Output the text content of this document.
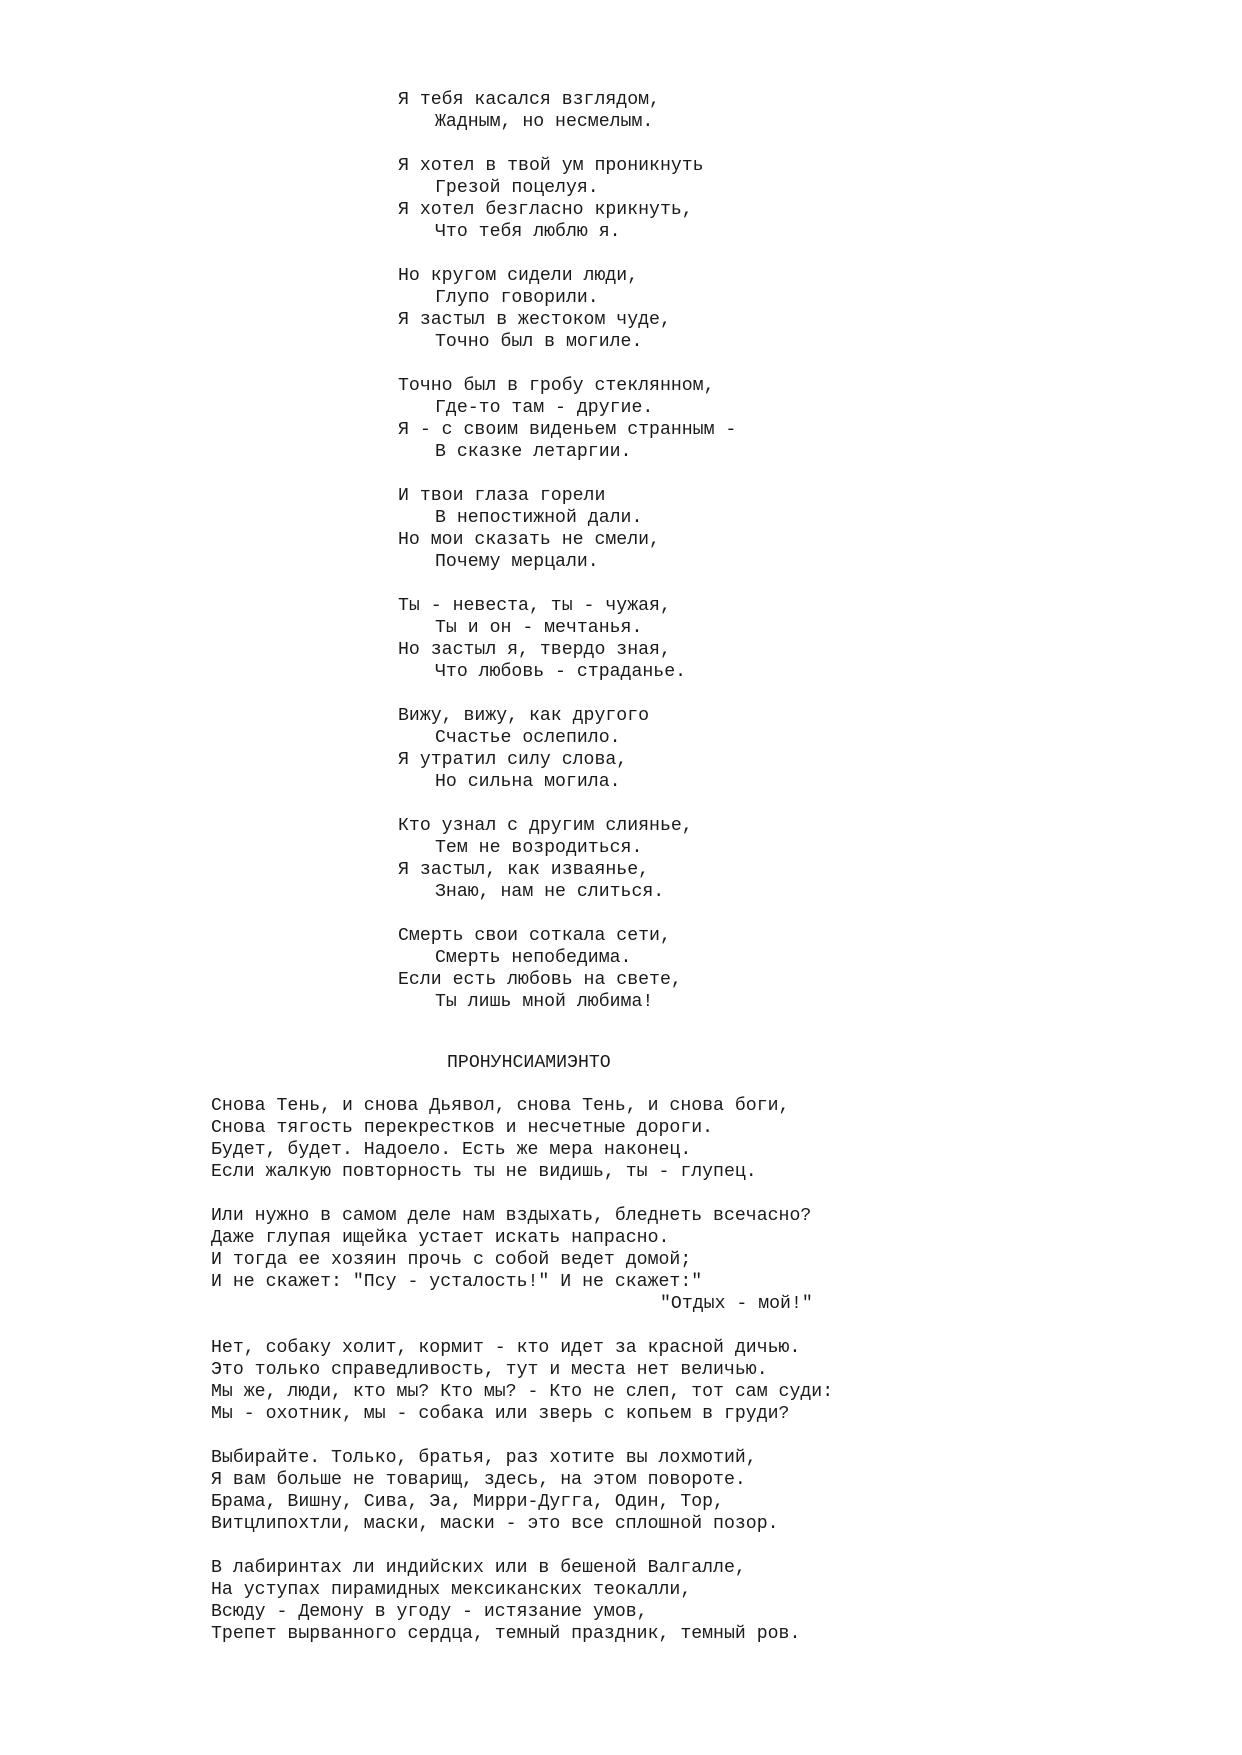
Я тебя касался взглядом,
Жадным, но несмелым.
Я хотел в твой ум проникнуть
Грезой поцелуя.
Я хотел безгласно крикнуть,
Что тебя люблю я.
Но кругом сидели люди,
Глупо говорили.
Я застыл в жестоком чуде,
Точно был в могиле.
Точно был в гробу стеклянном,
Где-то там - другие.
Я - с своим виденьем странным -
В сказке летаргии.
И твои глаза горели
В непостижной дали.
Но мои сказать не смели,
Почему мерцали.
Ты - невеста, ты - чужая,
Ты и он - мечтанья.
Но застыл я, твердо зная,
Что любовь - страданье.
Вижу, вижу, как другого
Счастье ослепило.
Я утратил силу слова,
Но сильна могила.
Кто узнал с другим слиянье,
Тем не возродиться.
Я застыл, как изваянье,
Знаю, нам не слиться.
Смерть свои соткала сети,
Смерть непобедима.
Если есть любовь на свете,
Ты лишь мной любима!
ПРОНУНСИАМИЭНТО
Снова Тень, и снова Дьявол, снова Тень, и снова боги,
Снова тягость перекрестков и несчетные дороги.
Будет, будет. Надоело. Есть же мера наконец.
Если жалкую повторность ты не видишь, ты - глупец.
Или нужно в самом деле нам вздыхать, бледнеть всечасно?
Даже глупая ищейка устает искать напрасно.
И тогда ее хозяин прочь с собой ведет домой;
И не скажет: "Псу - усталость!" И не скажет:"
"Отдых - мой!"
Нет, собаку холит, кормит - кто идет за красной дичью.
Это только справедливость, тут и места нет величью.
Мы же, люди, кто мы? Кто мы? - Кто не слеп, тот сам суди:
Мы - охотник, мы - собака или зверь с копьем в груди?
Выбирайте. Только, братья, раз хотите вы лохмотий,
Я вам больше не товарищ, здесь, на этом повороте.
Брама, Вишну, Сива, Эа, Мирри-Дугга, Один, Тор,
Витцлипохтли, маски, маски - это все сплошной позор.
В лабиринтах ли индийских или в бешеной Валгалле,
На уступах пирамидных мексиканских теокалли,
Всюду - Демону в угоду - истязание умов,
Трепет вырванного сердца, темный праздник, темный ров.
